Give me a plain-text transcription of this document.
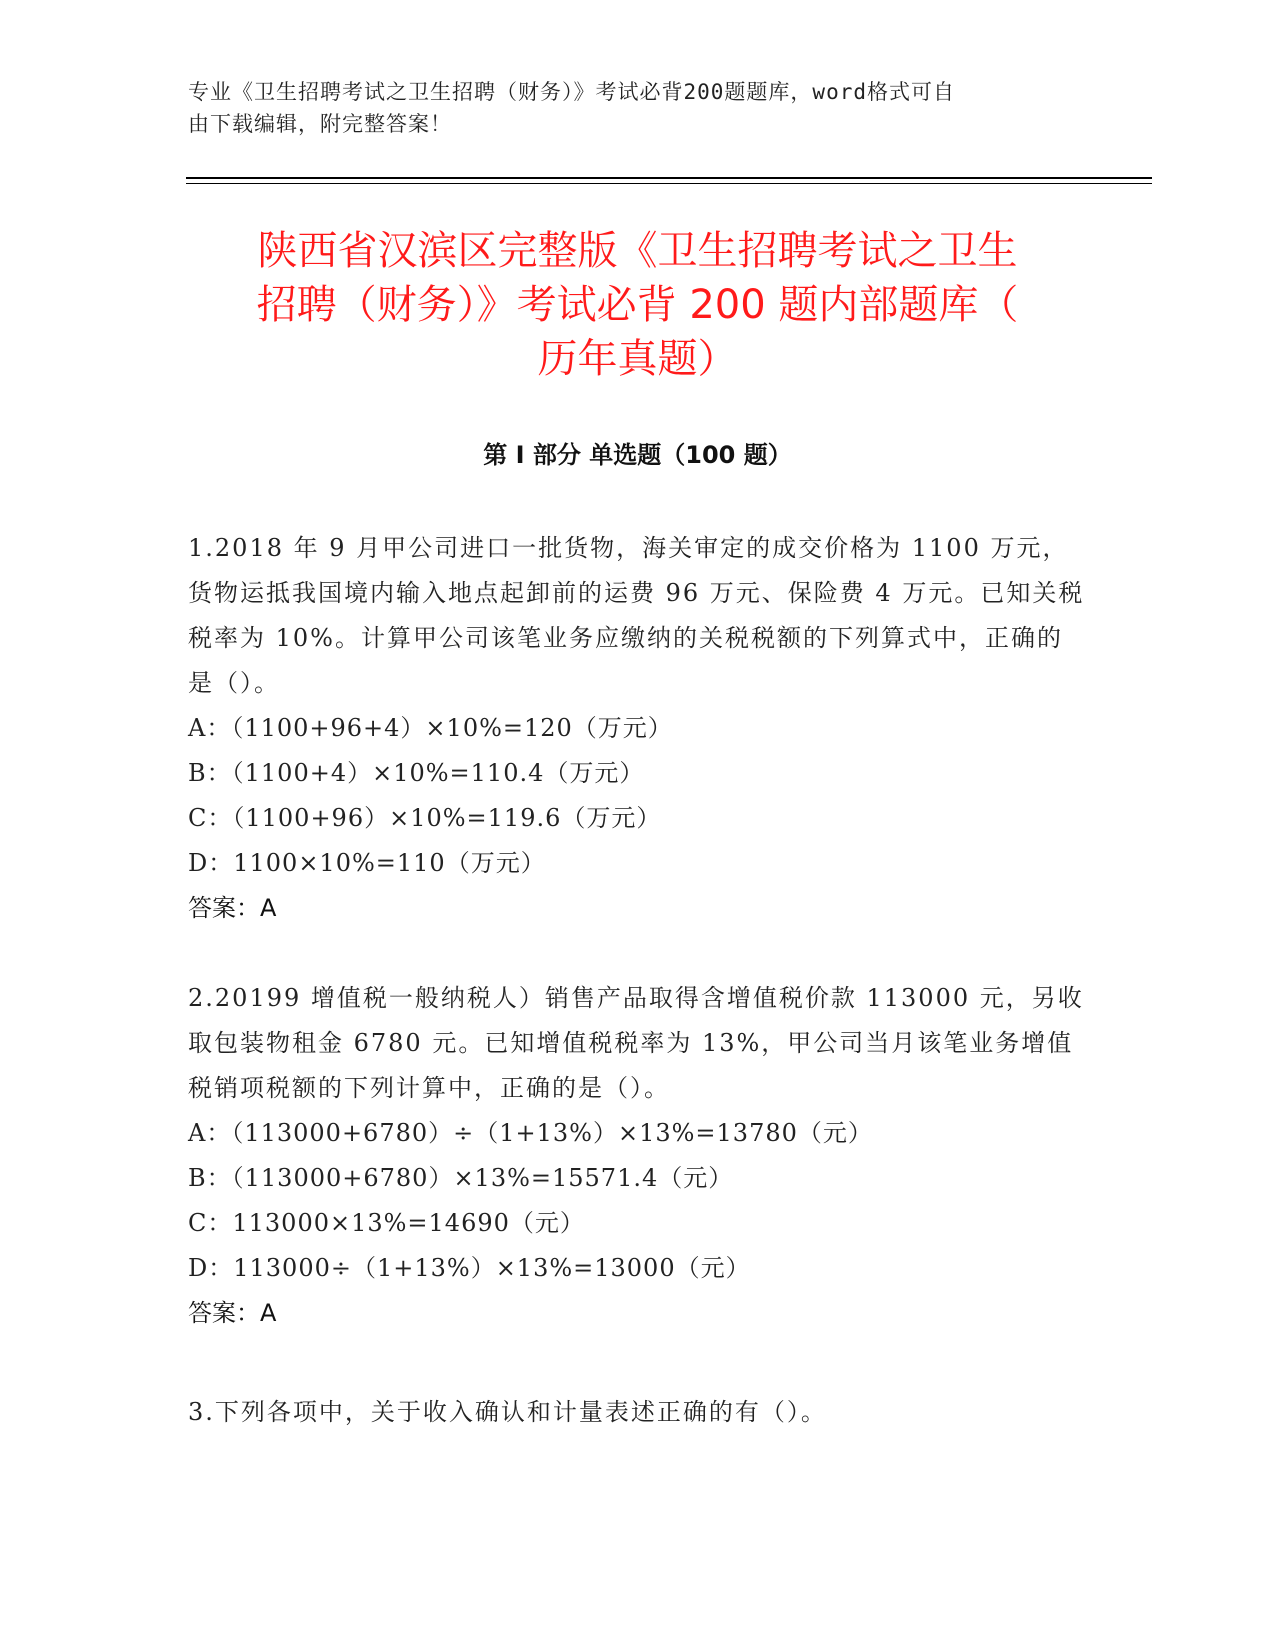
专业《卫生招聘考试之卫生招聘（财务）》考试必背200题题库，word格式可自
由下载编辑，附完整答案！
陕西省汉滨区完整版《卫生招聘考试之卫生
招聘（财务）》考试必背 200 题内部题库（
历年真题）
第 I 部分 单选题（100 题）
1.2018 年 9 月甲公司进口一批货物，海关审定的成交价格为 1100 万元，货物运抵我国境内输入地点起卸前的运费 96 万元、保险费 4 万元。已知关税税率为 10%。计算甲公司该笔业务应缴纳的关税税额的下列算式中，正确的是（）。
A：（1100+96+4）×10%=120（万元）
B：（1100+4）×10%=110.4（万元）
C：（1100+96）×10%=119.6（万元）
D：1100×10%=110（万元）
答案：A
2.20199 增值税一般纳税人）销售产品取得含增值税价款 113000 元，另收取包装物租金 6780 元。已知增值税税率为 13%，甲公司当月该笔业务增值税销项税额的下列计算中，正确的是（）。
A：（113000+6780）÷（1+13%）×13%=13780（元）
B：（113000+6780）×13%=15571.4（元）
C：113000×13%=14690（元）
D：113000÷（1+13%）×13%=13000（元）
答案：A
3.下列各项中，关于收入确认和计量表述正确的有（）。
